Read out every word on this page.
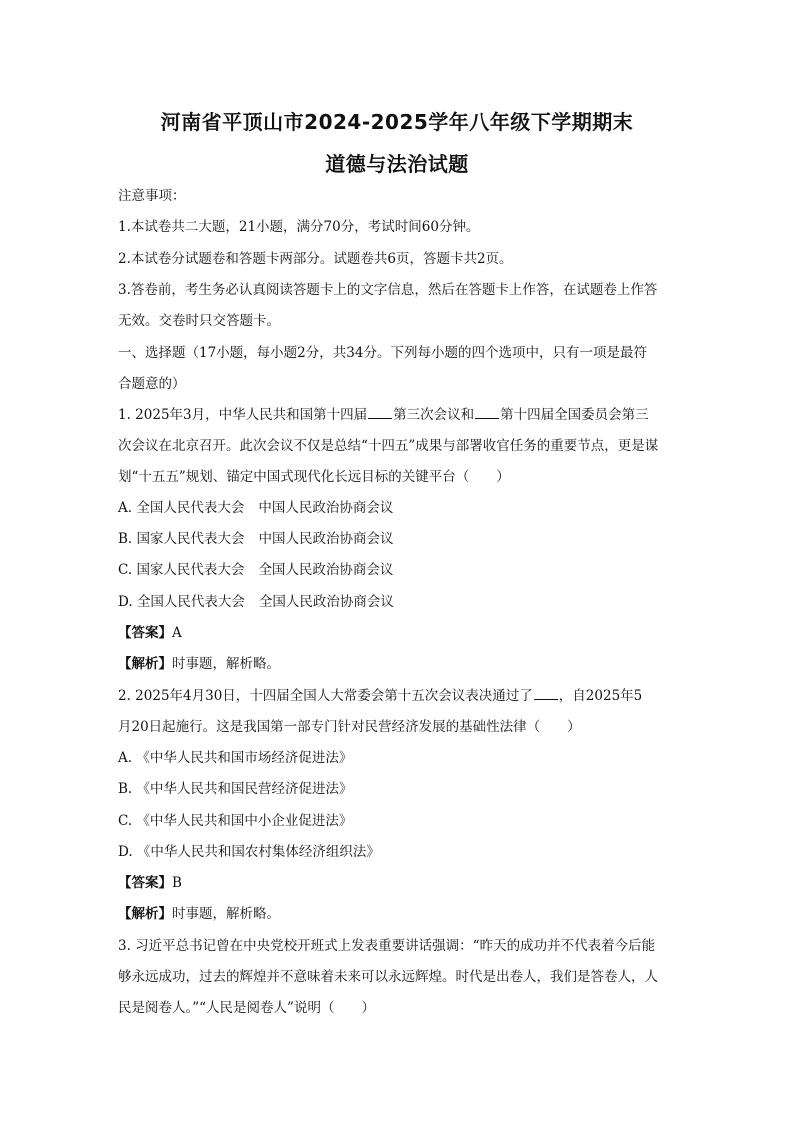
河南省平顶山市2024-2025学年八年级下学期期末
道德与法治试题
注意事项：
1.本试卷共二大题，21小题，满分70分，考试时间60分钟。
2.本试卷分试题卷和答题卡两部分。试题卷共6页，答题卡共2页。
3.答卷前，考生务必认真阅读答题卡上的文字信息，然后在答题卡上作答，在试题卷上作答
无效。交卷时只交答题卡。
一、选择题（17小题，每小题2分，共34分。下列每小题的四个选项中，只有一项是最符
合题意的）
1. 2025年3月，中华人民共和国第十四届 第三次会议和 第十四届全国委员会第三
次会议在北京召开。此次会议不仅是总结“十四五”成果与部署收官任务的重要节点，更是谋
划“十五五”规划、锚定中国式现代化长远目标的关键平台（　　）
A. 全国人民代表大会 中国人民政治协商会议
B. 国家人民代表大会 中国人民政治协商会议
C. 国家人民代表大会 全国人民政治协商会议
D. 全国人民代表大会 全国人民政治协商会议
【答案】A
【解析】时事题，解析略。
2. 2025年4月30日，十四届全国人大常委会第十五次会议表决通过了 ，自2025年5
月20日起施行。这是我国第一部专门针对民营经济发展的基础性法律（　　）
A. 《中华人民共和国市场经济促进法》
B. 《中华人民共和国民营经济促进法》
C. 《中华人民共和国中小企业促进法》
D. 《中华人民共和国农村集体经济组织法》
【答案】B
【解析】时事题，解析略。
3. 习近平总书记曾在中央党校开班式上发表重要讲话强调：“昨天的成功并不代表着今后能
够永远成功，过去的辉煌并不意味着未来可以永远辉煌。时代是出卷人，我们是答卷人，人
民是阅卷人。”“人民是阅卷人”说明（　　）
